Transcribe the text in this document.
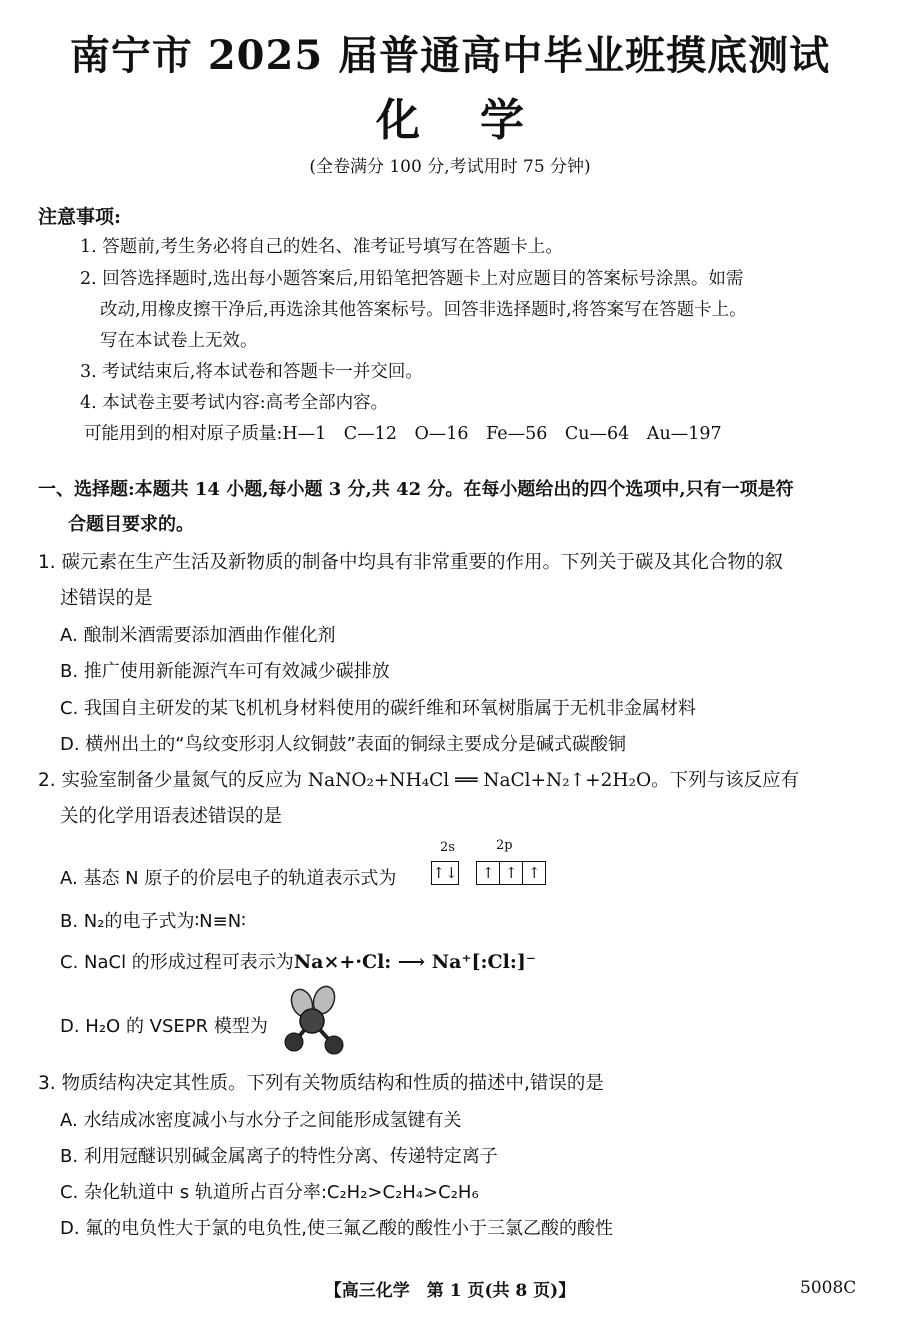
南宁市 2025 届普通高中毕业班摸底测试
化学
(全卷满分 100 分,考试用时 75 分钟)
注意事项:
1. 答题前,考生务必将自己的姓名、准考证号填写在答题卡上。
2. 回答选择题时,选出每小题答案后,用铅笔把答题卡上对应题目的答案标号涂黑。如需
改动,用橡皮擦干净后,再选涂其他答案标号。回答非选择题时,将答案写在答题卡上。
写在本试卷上无效。
3. 考试结束后,将本试卷和答题卡一并交回。
4. 本试卷主要考试内容:高考全部内容。
可能用到的相对原子质量:H—1　C—12　O—16　Fe—56　Cu—64　Au—197
一、选择题:本题共 14 小题,每小题 3 分,共 42 分。在每小题给出的四个选项中,只有一项是符
合题目要求的。
1. 碳元素在生产生活及新物质的制备中均具有非常重要的作用。下列关于碳及其化合物的叙
述错误的是
A. 酿制米酒需要添加酒曲作催化剂
B. 推广使用新能源汽车可有效减少碳排放
C. 我国自主研发的某飞机机身材料使用的碳纤维和环氧树脂属于无机非金属材料
D. 横州出土的“鸟纹变形羽人纹铜鼓”表面的铜绿主要成分是碱式碳酸铜
2. 实验室制备少量氮气的反应为 NaNO₂+NH₄Cl ══ NaCl+N₂↑+2H₂O。下列与该反应有
关的化学用语表述错误的是
A. 基态 N 原子的价层电子的轨道表示式为
2s	2p
↑↓ ↑ ↑ ↑
B. N₂的电子式为∶N≡N∶
C. NaCl 的形成过程可表示为Na×+·Cl: ⟶ Na⁺[:Cl:]⁻
D. H₂O 的 VSEPR 模型为
3. 物质结构决定其性质。下列有关物质结构和性质的描述中,错误的是
A. 水结成冰密度减小与水分子之间能形成氢键有关
B. 利用冠醚识别碱金属离子的特性分离、传递特定离子
C. 杂化轨道中 s 轨道所占百分率:C₂H₂>C₂H₄>C₂H₆
D. 氟的电负性大于氯的电负性,使三氟乙酸的酸性小于三氯乙酸的酸性
【高三化学　第 1 页(共 8 页)】	5008C
